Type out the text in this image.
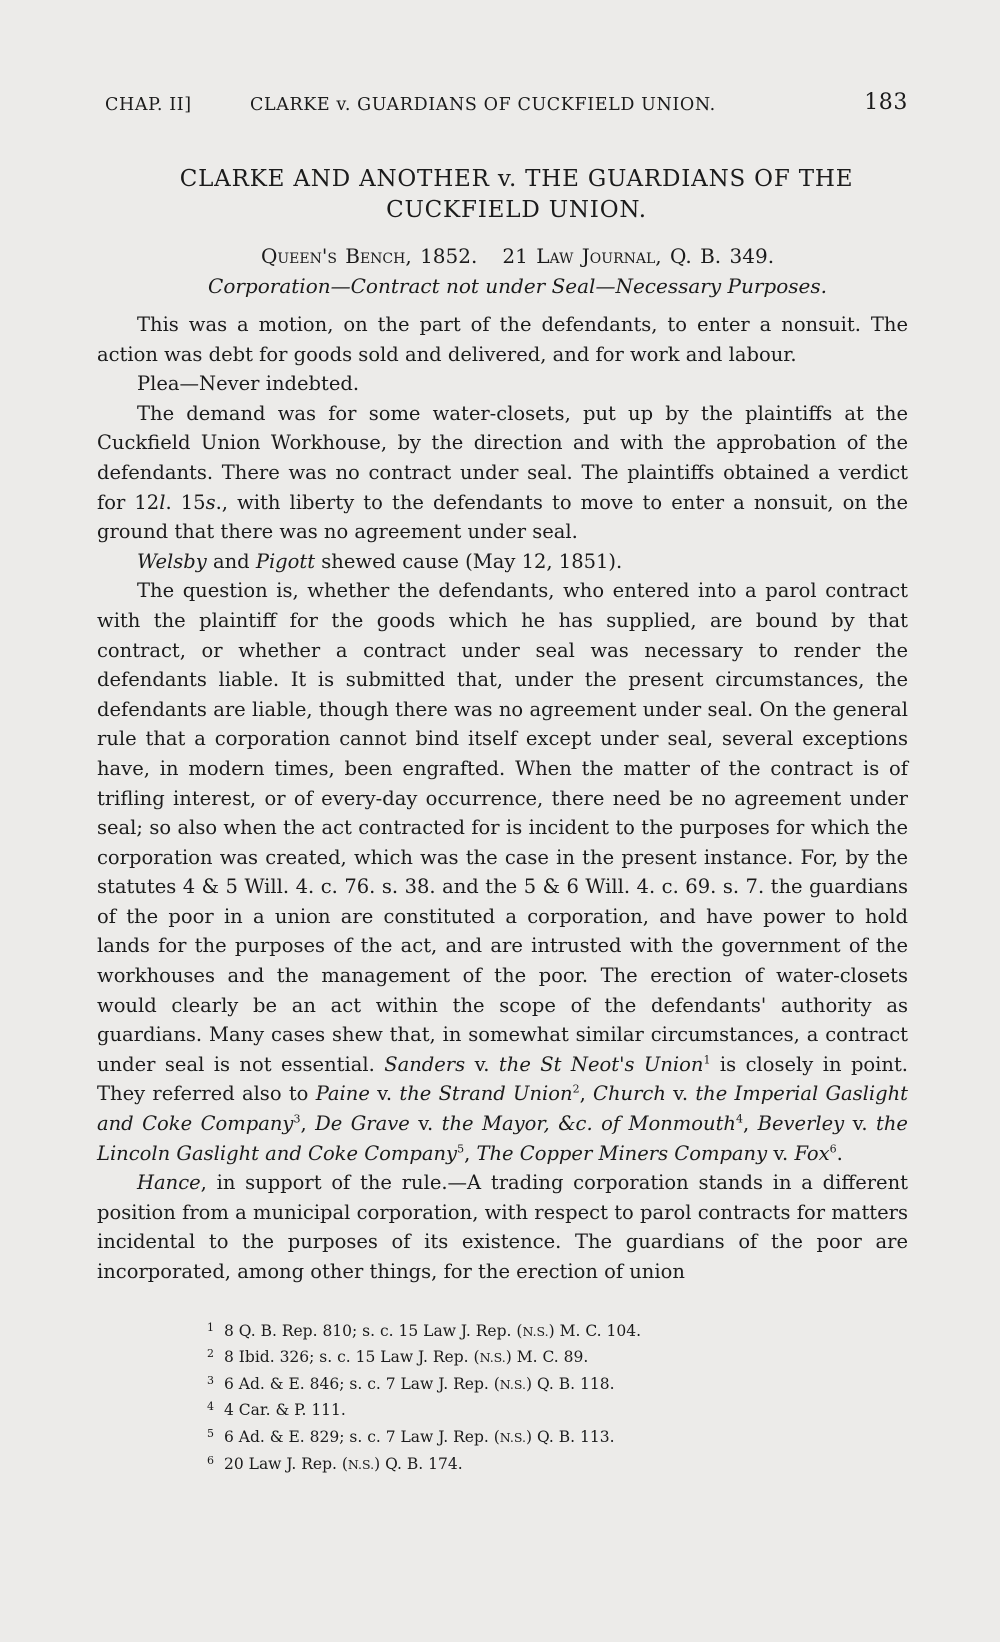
CHAP. II]	CLARKE v. GUARDIANS OF CUCKFIELD UNION.	183
CLARKE AND ANOTHER v. THE GUARDIANS OF THE
CUCKFIELD UNION.
Queen's Bench, 1852. 21 Law Journal, Q. B. 349.
Corporation—Contract not under Seal—Necessary Purposes.

This was a motion, on the part of the defendants, to enter a nonsuit. The action was debt for goods sold and delivered, and for work and labour.

Plea—Never indebted.

The demand was for some water-closets, put up by the plaintiffs at the Cuckfield Union Workhouse, by the direction and with the approbation of the defendants. There was no contract under seal. The plaintiffs obtained a verdict for 12l. 15s., with liberty to the defendants to move to enter a nonsuit, on the ground that there was no agreement under seal.

Welsby and Pigott shewed cause (May 12, 1851).

The question is, whether the defendants, who entered into a parol contract with the plaintiff for the goods which he has supplied, are bound by that contract, or whether a contract under seal was necessary to render the defendants liable. It is submitted that, under the present circumstances, the defendants are liable, though there was no agreement under seal. On the general rule that a corporation cannot bind itself except under seal, several exceptions have, in modern times, been engrafted. When the matter of the contract is of trifling interest, or of every-day occurrence, there need be no agreement under seal; so also when the act contracted for is incident to the purposes for which the corporation was created, which was the case in the present instance. For, by the statutes 4 & 5 Will. 4. c. 76. s. 38. and the 5 & 6 Will. 4. c. 69. s. 7. the guardians of the poor in a union are constituted a corporation, and have power to hold lands for the purposes of the act, and are intrusted with the government of the workhouses and the management of the poor. The erection of water-closets would clearly be an act within the scope of the defendants' authority as guardians. Many cases shew that, in somewhat similar circumstances, a contract under seal is not essential. Sanders v. the St Neot's Union$^1$ is closely in point. They referred also to Paine v. the Strand Union$^2$, Church v. the Imperial Gaslight and Coke Company$^3$, De Grave v. the Mayor, &c. of Monmouth$^4$, Beverley v. the Lincoln Gaslight and Coke Company$^5$, The Copper Miners Company v. Fox$^6$.

Hance, in support of the rule.—A trading corporation stands in a different position from a municipal corporation, with respect to parol contracts for matters incidental to the purposes of its existence. The guardians of the poor are incorporated, among other things, for the erection of union

1 8 Q. B. Rep. 810; s. c. 15 Law J. Rep. (N.S.) M. C. 104.
2 8 Ibid. 326; s. c. 15 Law J. Rep. (N.S.) M. C. 89.
3 6 Ad. & E. 846; s. c. 7 Law J. Rep. (N.S.) Q. B. 118.
4 4 Car. & P. 111.
5 6 Ad. & E. 829; s. c. 7 Law J. Rep. (N.S.) Q. B. 113.
6 20 Law J. Rep. (N.S.) Q. B. 174.
